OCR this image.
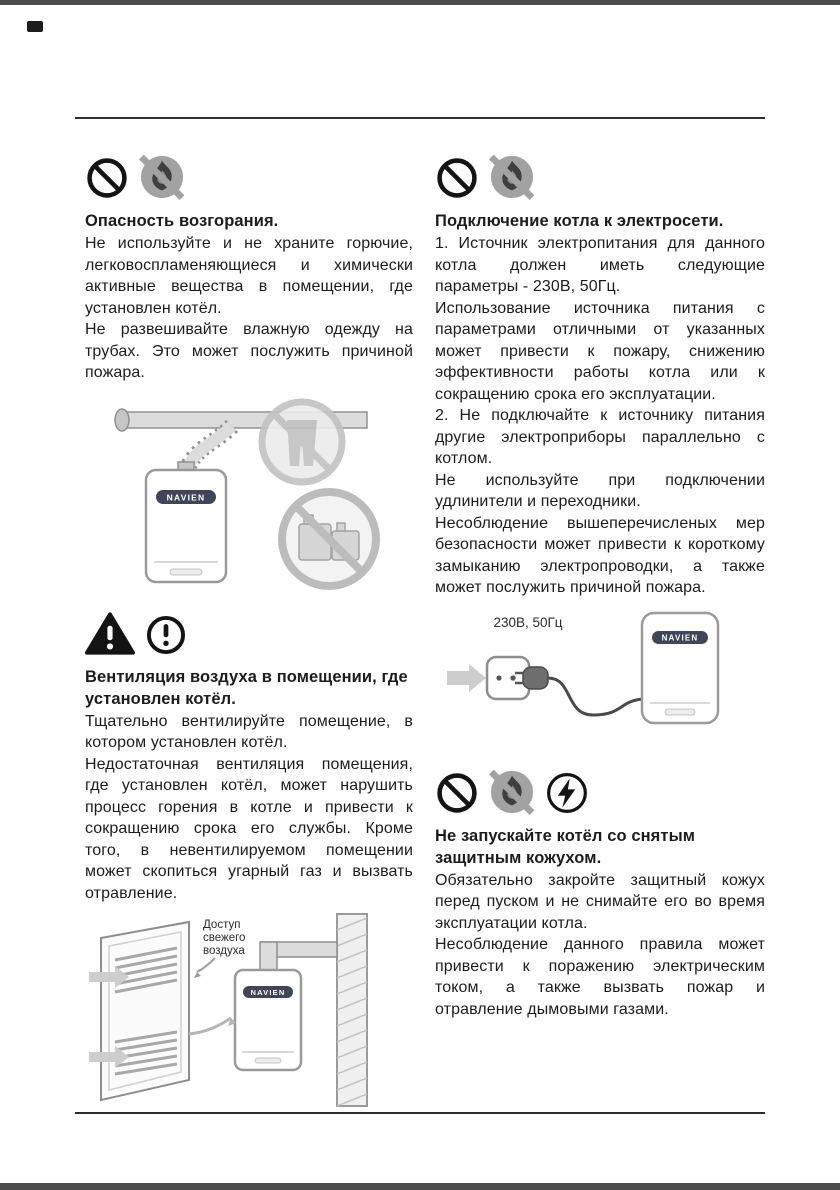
Опасность возгорания.

Не используйте и не храните горючие, легковоспламеняющиеся и химически активные вещества в помещении, где установлен котёл.

Не развешивайте влажную одежду на трубах. Это может послужить причиной пожара.

NAVIEN
Вентиляция воздуха в помещении, где установлен котёл.

Тщательно вентилируйте помещение, в котором установлен котёл.

Недостаточная вентиляция помещения, где установлен котёл, может нарушить процесс горения в котле и привести к сокращению срока его службы. Кроме того, в невентилируемом помещении может скопиться угарный газ и вызвать отравление.

Доступ свежего воздуха
NAVIEN
Подключение котла к электросети.

1. Источник электропитания для данного котла должен иметь следующие параметры - 230В, 50Гц.

Использование источника питания с параметрами отличными от указанных может привести к пожару, снижению эффективности работы котла или к сокращению срока его эксплуатации.

2. Не подключайте к источнику питания другие электроприборы параллельно с котлом.

Не используйте при подключении удлинители и переходники.

Несоблюдение вышеперечисленых мер безопасности может привести к короткому замыканию электропроводки, а также может послужить причиной пожара.

230В, 50Гц
NAVIEN
Не запускайте котёл со снятым защитным кожухом.

Обязательно закройте защитный кожух перед пуском и не снимайте его во время эксплуатации котла.

Несоблюдение данного правила может привести к поражению электрическим током, а также вызвать пожар и отравление дымовыми газами.
